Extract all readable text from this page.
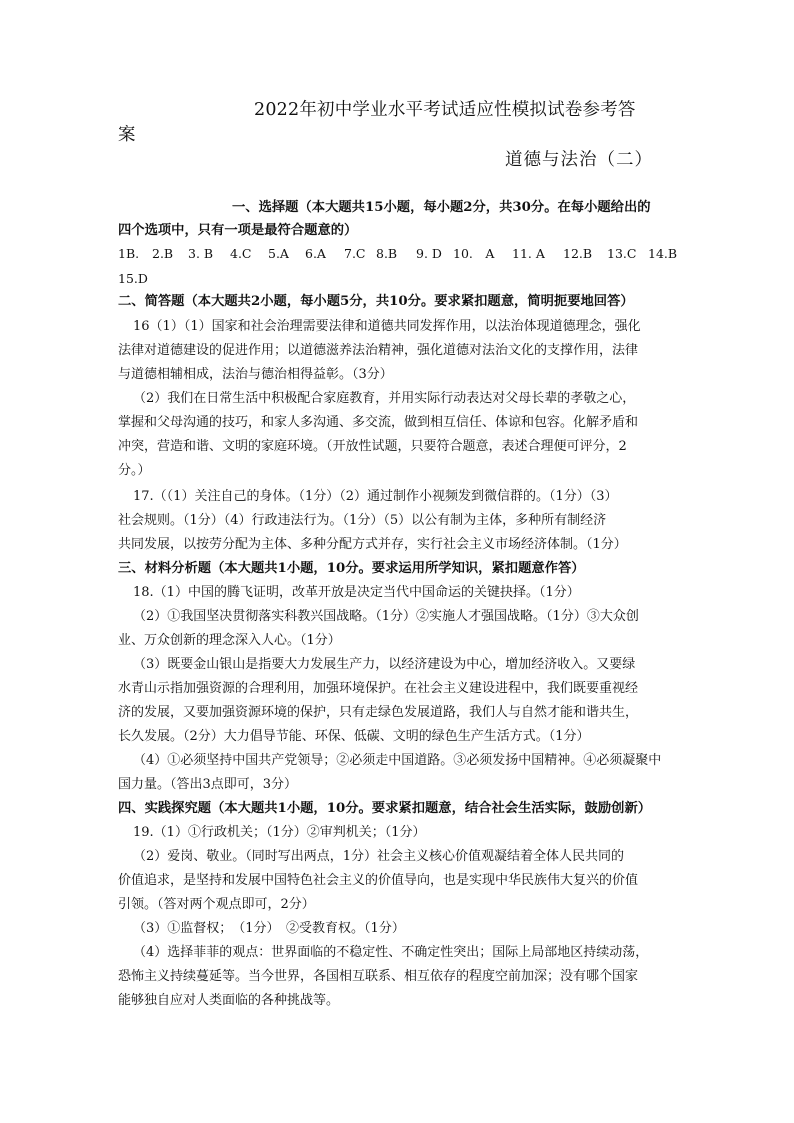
2022年初中学业水平考试适应性模拟试卷参考答
案
道德与法治（二）
一、选择题（本大题共15小题，每小题2分，共30分。在每小题给出的
四个选项中，只有一项是最符合题意的）
1B. 2.B 3. B 4.C 5.A 6.A 7.C 8.B 9. D 10.　A 11. A 12.B 13.C 14.B
15.D
二、简答题（本大题共2小题，每小题5分，共10分。要求紧扣题意，简明扼要地回答）
16（1）（1）国家和社会治理需要法律和道德共同发挥作用，以法治体现道德理念，强化
法律对道德建设的促进作用；以道德滋养法治精神，强化道德对法治文化的支撑作用，法律
与道德相辅相成，法治与德治相得益彰。（3分）
（2）我们在日常生活中积极配合家庭教育，并用实际行动表达对父母长辈的孝敬之心，
掌握和父母沟通的技巧，和家人多沟通、多交流，做到相互信任、体谅和包容。化解矛盾和
冲突，营造和谐、文明的家庭环境。（开放性试题，只要符合题意，表述合理便可评分，2
分。）
17.（（1）关注自己的身体。（1分）（2）通过制作小视频发到微信群的。（1分）（3）
社会规则。（1分）（4）行政违法行为。（1分）（5）以公有制为主体，多种所有制经济
共同发展，以按劳分配为主体、多种分配方式并存，实行社会主义市场经济体制。（1分）
三、材料分析题（本大题共1小题，10分。要求运用所学知识，紧扣题意作答）
18.（1）中国的腾飞证明，改革开放是决定当代中国命运的关键抉择。（1分）
（2）①我国坚决贯彻落实科教兴国战略。（1分）②实施人才强国战略。（1分）③大众创
业、万众创新的理念深入人心。（1分）
（3）既要金山银山是指要大力发展生产力，以经济建设为中心，增加经济收入。又要绿
水青山示指加强资源的合理利用，加强环境保护。在社会主义建设进程中，我们既要重视经
济的发展，又要加强资源环境的保护，只有走绿色发展道路，我们人与自然才能和谐共生，
长久发展。（2分）大力倡导节能、环保、低碳、文明的绿色生产生活方式。（1分）
（4）①必须坚持中国共产党领导；②必须走中国道路。③必须发扬中国精神。④必须凝聚中
国力量。（答出3点即可，3分）
四、实践探究题（本大题共1小题，10分。要求紧扣题意，结合社会生活实际，鼓励创新）
19.（1）①行政机关；（1分）②审判机关；（1分）
（2）爱岗、敬业。（同时写出两点，1分）社会主义核心价值观凝结着全体人民共同的
价值追求，是坚持和发展中国特色社会主义的价值导向，也是实现中华民族伟大复兴的价值
引领。（答对两个观点即可，2分）
（3）①监督权；　（1分）　②受教育权。（1分）
（4）选择菲菲的观点：世界面临的不稳定性、不确定性突出；国际上局部地区持续动荡，
恐怖主义持续蔓延等。当今世界，各国相互联系、相互依存的程度空前加深；没有哪个国家
能够独自应对人类面临的各种挑战等。
